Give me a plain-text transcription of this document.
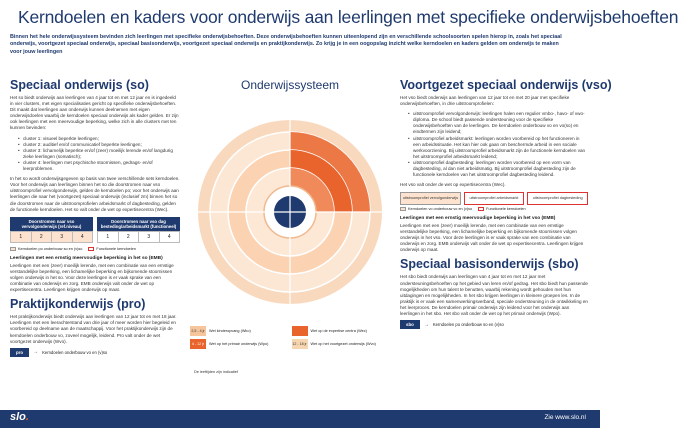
Kerndoelen en kaders voor onderwijs aan leerlingen met specifieke onderwijsbehoeften
Binnen het hele onderwijssysteem bevinden zich leerlingen met specifieke onderwijsbehoeften. Deze onderwijsbehoeften kunnen uiteenlopend zijn en verschillende schoolsoorten spelen hierop in, zoals het speciaal onderwijs, voortgezet speciaal onderwijs, speciaal basisonderwijs, voortgezet speciaal onderwijs en praktijkonderwijs. Zo krijg je in een oogopslag inzicht welke kerndoelen en kaders gelden om onderwijs te maken voor jouw leerlingen
Speciaal onderwijs (so)

Het so biedt onderwijs aan leerlingen van 4 jaar tot en met 12 jaar en is ingedeeld in vier clusters, met eigen specialisaties gericht op specifieke onderwijsbehoeften. Dit maakt dat leerlingen aan onderwijs kunnen deelnemen met eigen onderwijsdoelen waarbij de kerndoelen speciaal onderwijs als kader gelden. Er zijn ook leerlingen met een meervoudige beperking, welke zich in alle clusters met ten kunnen bevinden:

• cluster 1: visueel beperkte leerlingen;
• cluster 2: auditief en/of communicatief beperkte leerlingen;
• cluster 3: lichamelijk beperkte en/of (zeer) moeilijk lerende en/of langdurig zieke leerlingen (somatisch);
• cluster 4: leerlingen met psychische stoornissen, gedrags- en/of leerproblemen.

In het so wordt onderwijsgegeven op basis van twee verschillende sets kerndoelen. Voor het onderwijs aan leerlingen binnen het so die doorstromen naar vso uitstroomprofiel vervolgonderwijs, gelden de kerndoelen po; voor het onderwijs aan leerlingen die naar het (voortgezet) speciaal onderwijs (inclusief zm) binnen het so die doorstromen naar de uitstroomprofielen arbeidsmarkt of dagbesteding, gelden de functionele kerndoelen. Het so valt onder de wet op expertisecentra (Wec).

Doorstromen naar vso vervolgonderwijs (ref.niveau)
1	2	3	4
Doorstromen naar vso dag besteding/arbeidsmarkt (functioneel)
1	2	3	4
Kerndoelen po onderbouw so en (v)so	Functionele kerndoelen
Leerlingen met een ernstig meervoudige beperking in het so (EMB)

Leerlingen met een (zeer) moeilijk lerende, met een combinatie van een ernstige verstandelijke beperking, een lichamelijke beperking en bijkomende stoornissen volgen onderwijs in het so. Voor deze leerlingen is er vaak sprake van een combinatie van onderwijs en zorg. EMB onderwijs valt onder de wet op expertisecentra. Leerlingen krijgen onderwijs op maat.

Praktijkonderwijs (pro)
Het praktijkonderwijs biedt onderwijs aan leerlingen van 12 jaar tot en met 18 jaar. Leerlingen met een leerachterstand van drie jaar of meer worden hier begeleid en voorbereid op deelname aan de maatschappij. Voor het praktijkonderwijs zijn de kerndoelen onderbouw vo, zoveel mogelijk, leidend. Pro valt onder de wet voortgezet onderwijs (Wvo).
pro	→ Kerndoelen onderbouw vo en (v)so
Onderwijssysteem
2,5 - 4 jr	Wet kinderopvang (Wko)	Wet op de expertise centra (Wec)
4 - 12 jr	Wet op het primair onderwijs (Wpo)	12 - 18 jr Wet op het voortgezet onderwijs (Wvo)
De leeftijden zijn indicatief
Voortgezet speciaal onderwijs (vso)

Het vso biedt onderwijs aan leerlingen van 12 jaar tot en met 20 jaar met specifieke onderwijsbehoeften, in drie uitstroomprofielen:

• uitstroomprofiel vervolgonderwijs: leerlingen halen een regulier vmbo-, havo- of vwo-diploma. De school biedt passende ondersteuning voor de specifieke onderwijsbehoeften van de leerlingen. De kerndoelen onderbouw vo en vo(so) en eindtermen zijn leidend;
• uitstroomprofiel arbeidsmarkt: leerlingen worden voorbereid op het functioneren in een arbeidssituatie. Het kan hier ook gaan om beschermde arbeid in een sociale werkvoorziening. Bij uitstroomprofiel arbeidsmarkt zijn de functionele kerndoelen van het uitstroomprofiel arbeidsmarkt leidend;
• uitstroomprofiel dagbesteding: leerlingen worden voorbereid op een vorm van dagbesteding, al dan niet arbeidsmatig. Bij uitstroomprofiel dagbesteding zijn de functionele kerndoelen van het uitstroomprofiel dagbesteding leidend.

Het vso valt onder de wet op expertisecentra (Wec).

uitstroomprofiel vervolgonderwijs	uitstroomprofiel arbeidsmarkt	uitstroomprofiel dagbesteding
Kerndoelen vo onderbouw vo en (v)so	Functionele kerndoelen
Leerlingen met een ernstig meervoudige beperking in het vso (EMB)

Leerlingen met een (zeer) moeilijk lerende, met een combinatie van een ernstige verstandelijke beperking, een lichamelijke beperking en bijkomende stoornissen volgen onderwijs in het vso. Voor deze leerlingen is er vaak sprake van een combinatie van onderwijs en zorg. EMB onderwijs valt onder de wet op expertisecentra. Leerlingen krijgen onderwijs op maat.

Speciaal basisonderwijs (sbo)
Het sbo biedt onderwijs aan leerlingen van 4 jaar tot en met 12 jaar met ondersteuningsbehoeften op het gebied van leren en/of gedrag. Het sbo biedt hun passende mogelijkheden om hun talent te benutten, waarbij rekening wordt gehouden met hun uitdagingen en mogelijkheden. In het sbo krijgen leerlingen in kleinere groepen les. In de praktijk is er vaak een samenwerkingsverband, speciale ondersteuning in de ontwikkeling en het leerproces. De kerndoelen primair onderwijs zijn leidend voor het onderwijs aan leerlingen in het sbo. Het sbo valt onder de wet op het primair onderwijs (Wpo).
sbo	→ Kerndoelen po onderbouw so en (v)so
slo.	Zie www.slo.nl
